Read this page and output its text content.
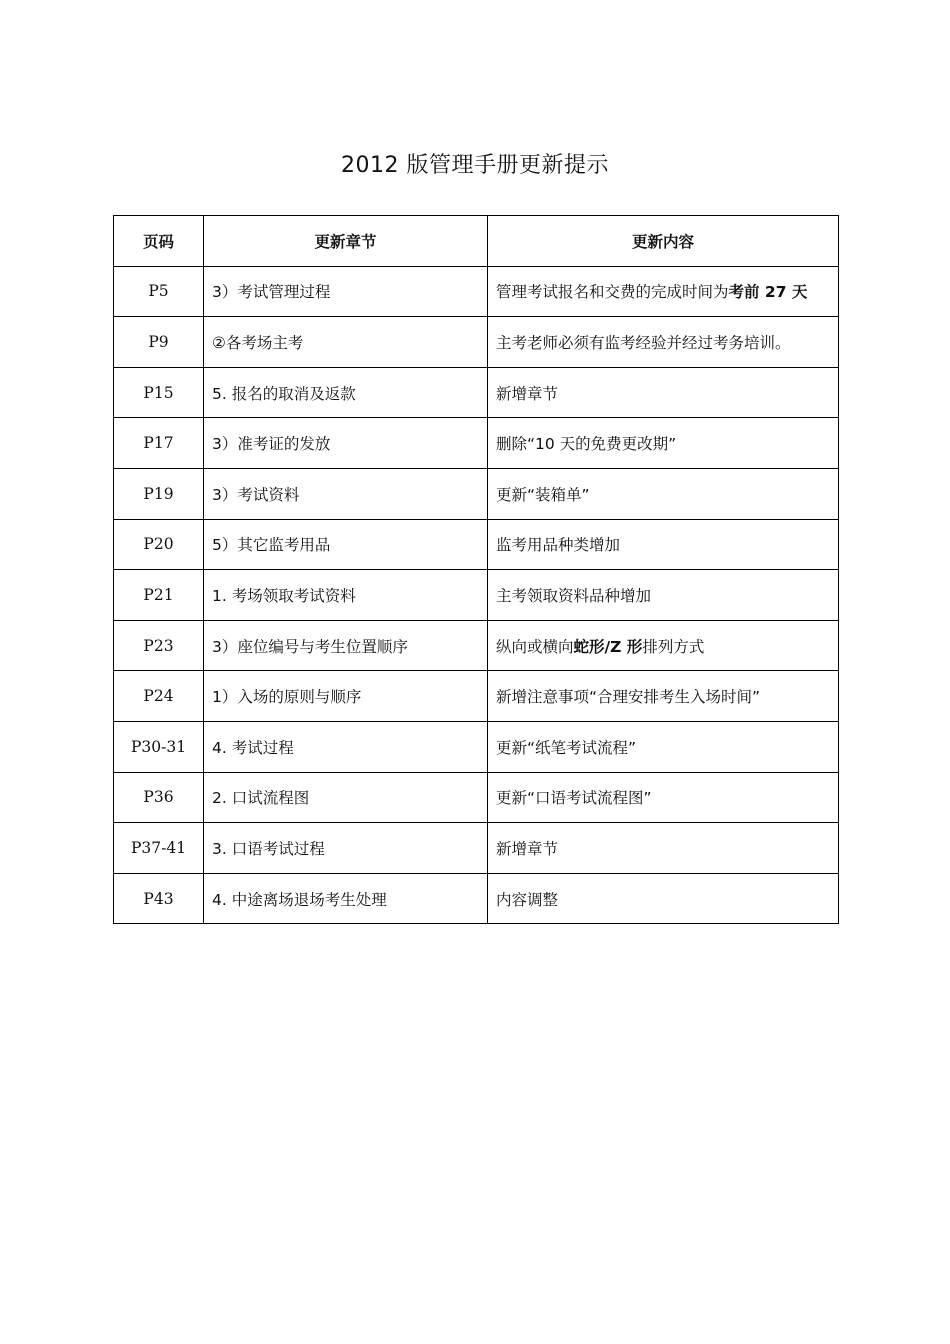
2012 版管理手册更新提示
页码	更新章节	更新内容
P5	3）考试管理过程	管理考试报名和交费的完成时间为考前 27 天
P9	②各考场主考	主考老师必须有监考经验并经过考务培训。
P15	5. 报名的取消及返款	新增章节
P17	3）准考证的发放	删除“10 天的免费更改期”
P19	3）考试资料	更新“装箱单”
P20	5）其它监考用品	监考用品种类增加
P21	1. 考场领取考试资料	主考领取资料品种增加
P23	3）座位编号与考生位置顺序	纵向或横向蛇形/Z 形排列方式
P24	1）入场的原则与顺序	新增注意事项“合理安排考生入场时间”
P30-31	4. 考试过程	更新“纸笔考试流程”
P36	2. 口试流程图	更新“口语考试流程图”
P37-41	3. 口语考试过程	新增章节
P43	4. 中途离场退场考生处理	内容调整
